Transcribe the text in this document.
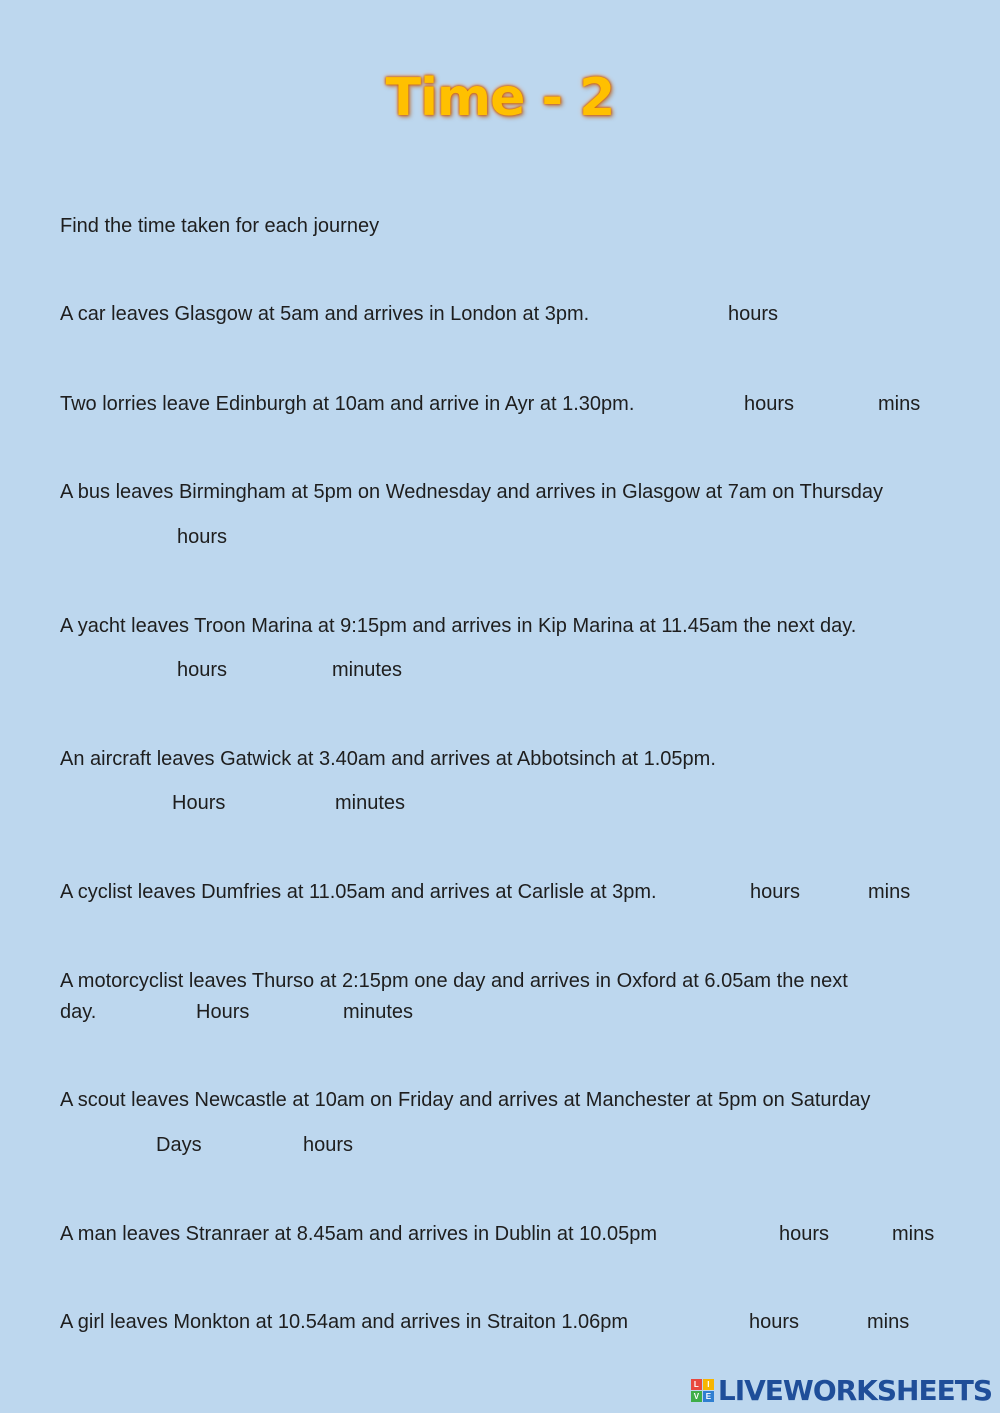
Time - 2
Find the time taken for each journey
A car leaves Glasgow at 5am and arrives in London at 3pm.	hours
Two lorries leave Edinburgh at 10am and arrive in Ayr at 1.30pm.	hours	mins
A bus leaves Birmingham at 5pm on Wednesday and arrives in Glasgow at 7am on Thursday
hours
A yacht leaves Troon Marina at 9:15pm and arrives in Kip Marina at 11.45am the next day.
hours	minutes
An aircraft leaves Gatwick at 3.40am and arrives at Abbotsinch at 1.05pm.
Hours	minutes
A cyclist leaves Dumfries at 11.05am and arrives at Carlisle at 3pm.	hours	mins
A motorcyclist leaves Thurso at 2:15pm one day and arrives in Oxford at 6.05am the next
day.	Hours	minutes
A scout leaves Newcastle at 10am on Friday and arrives at Manchester at 5pm on Saturday
Days	hours
A man leaves Stranraer at 8.45am and arrives in Dublin at 10.05pm	hours	mins
A girl leaves Monkton at 10.54am and arrives in Straiton 1.06pm	hours	mins
L	I
V E LIVEWORKSHEETS
